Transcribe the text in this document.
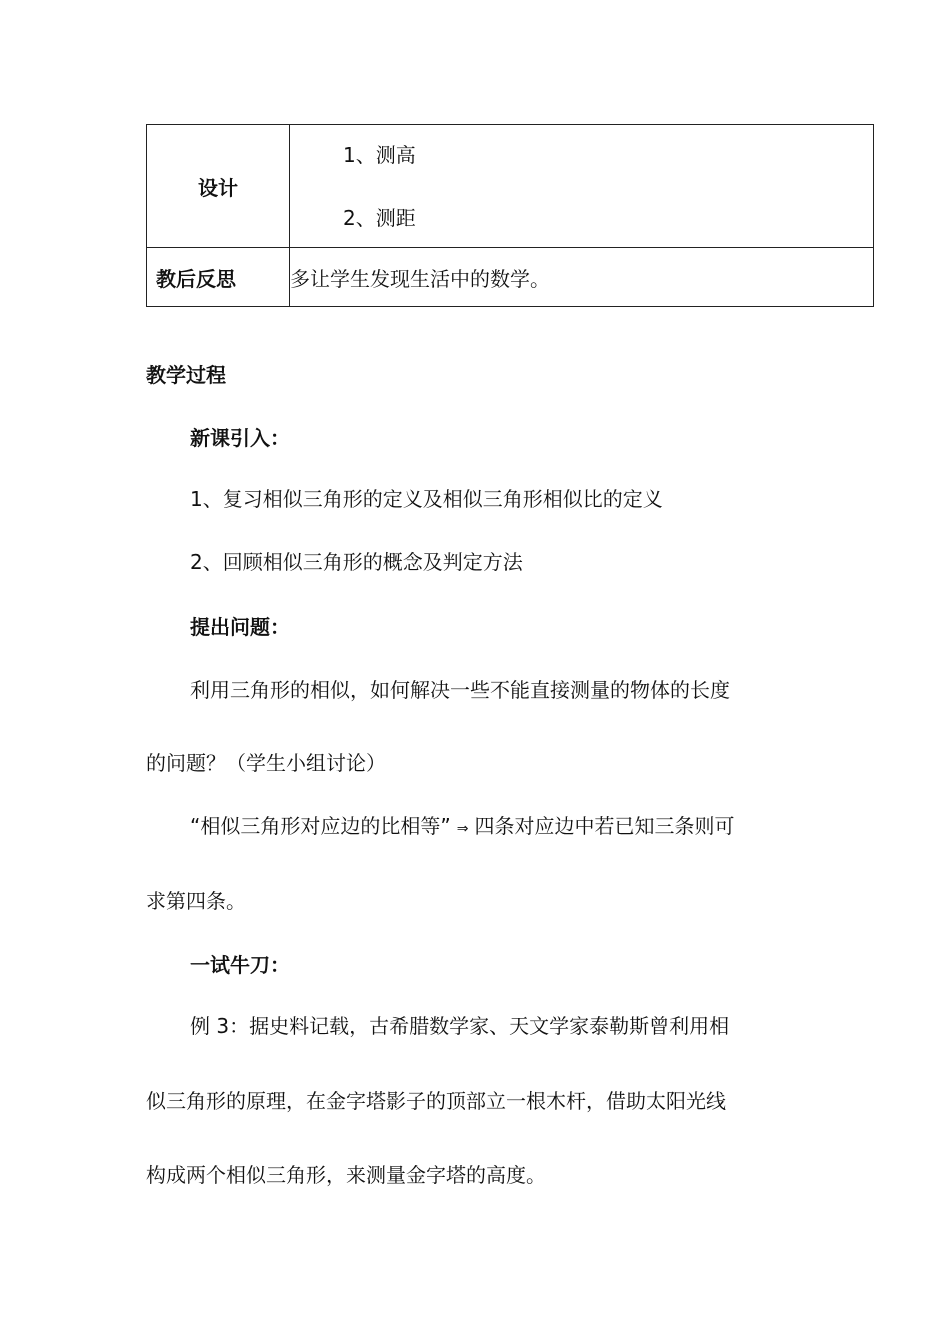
设计	1、测高
2、测距

教后反思	多让学生发现生活中的数学。
教学过程
新课引入：
1、复习相似三角形的定义及相似三角形相似比的定义
2、回顾相似三角形的概念及判定方法
提出问题：
利用三角形的相似，如何解决一些不能直接测量的物体的长度
的问题？（学生小组讨论）
“相似三角形对应边的比相等” ⇒ 四条对应边中若已知三条则可
求第四条。
一试牛刀：
例 3：据史料记载，古希腊数学家、天文学家泰勒斯曾利用相
似三角形的原理，在金字塔影子的顶部立一根木杆，借助太阳光线
构成两个相似三角形，来测量金字塔的高度。
